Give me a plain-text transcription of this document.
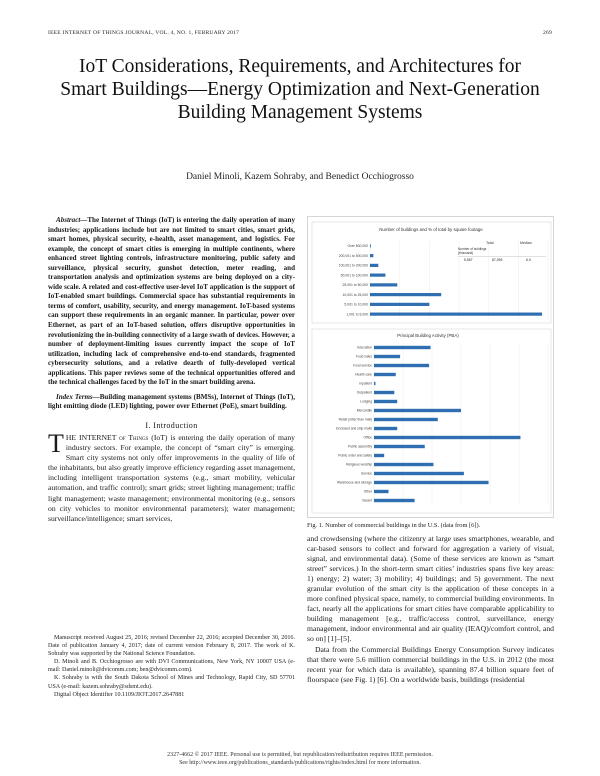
IEEE INTERNET OF THINGS JOURNAL, VOL. 4, NO. 1, FEBRUARY 2017	269
IoT Considerations, Requirements, and Architectures for Smart Buildings—Energy Optimization and Next-Generation Building Management Systems
Daniel Minoli, Kazem Sohraby, and Benedict Occhiogrosso

Abstract—The Internet of Things (IoT) is entering the daily operation of many industries; applications include but are not limited to smart cities, smart grids, smart homes, physical security, e-health, asset management, and logistics. For example, the concept of smart cities is emerging in multiple continents, where enhanced street lighting controls, infrastructure monitoring, public safety and surveillance, physical security, gunshot detection, meter reading, and transportation analysis and optimization systems are being deployed on a city-wide scale. A related and cost-effective user-level IoT application is the support of IoT-enabled smart buildings. Commercial space has substantial requirements in terms of comfort, usability, security, and energy management. IoT-based systems can support these requirements in an organic manner. In particular, power over Ethernet, as part of an IoT-based solution, offers disruptive opportunities in revolutionizing the in-building connectivity of a large swath of devices. However, a number of deployment-limiting issues currently impact the scope of IoT utilization, including lack of comprehensive end-to-end standards, fragmented cybersecurity solutions, and a relative dearth of fully-developed vertical applications. This paper reviews some of the technical opportunities offered and the technical challenges faced by the IoT in the smart building arena.

Index Terms—Building management systems (BMSs), Internet of Things (IoT), light emitting diode (LED) lighting, power over Ethernet (PoE), smart building.

I. Introduction

THE INTERNET of Things (IoT) is entering the daily operation of many industry sectors. For example, the concept of “smart city” is emerging. Smart city systems not only offer improvements in the quality of life of the inhabitants, but also greatly improve efficiency regarding asset management, including intelligent transportation systems (e.g., smart mobility, vehicular automation, and traffic control); smart grids; street lighting management; traffic light management; waste management; environmental monitoring (e.g., sensors on city vehicles to monitor environmental parameters); water management; surveillance/intelligence; smart services,

Manuscript received August 25, 2016; revised December 22, 2016; accepted December 30, 2016. Date of publication January 4, 2017; date of current version February 8, 2017. The work of K. Sohraby was supported by the National Science Foundation.

D. Minoli and B. Occhiogrosso are with DVI Communications, New York, NY 10007 USA (e-mail: Daniel.minoli@dvicomm.com; ben@dvicomm.com).

K. Sohraby is with the South Dakota School of Mines and Technology, Rapid City, SD 57701 USA (e-mail: kazem.sohraby@sdsmt.edu).

Digital Object Identifier 10.1109/JIOT.2017.2647881

Number of buildings and % of total by square footage
1,001 to 5,000
5,001 to 10,000
10,001 to 25,000
25,001 to 50,000
50,001 to 100,000
100,001 to 200,000
200,001 to 500,000
Over 500,000
Total	Median
Number of buildings
(thousand)
5,557	87,093	6.0
Principal Building Activity (PBA)
Education
Food sales
Food service
Health care
Inpatient
Outpatient
Lodging
Mercantile
Retail (other than mall)
Enclosed and strip malls
Office
Public assembly
Public order and safety
Religious worship
Service
Warehouse and storage
Other
Vacant
Fig. 1. Number of commercial buildings in the U.S. (data from [6]).

and crowdsensing (where the citizenry at large uses smartphones, wearable, and car-based sensors to collect and forward for aggregation a variety of visual, signal, and environmental data). (Some of these services are known as “smart street” services.) In the short-term smart cities’ industries spans five key areas: 1) energy; 2) water; 3) mobility; 4) buildings; and 5) government. The next granular evolution of the smart city is the application of these concepts in a more confined physical space, namely, to commercial building environments. In fact, nearly all the applications for smart cities have comparable applicability to building management [e.g., traffic/access control, surveillance, energy management, indoor environmental and air quality (IEAQ)/comfort control, and so on] [1]–[5].

Data from the Commercial Buildings Energy Consumption Survey indicates that there were 5.6 million commercial buildings in the U.S. in 2012 (the most recent year for which data is available), spanning 87.4 billion square feet of floorspace (see Fig. 1) [6]. On a worldwide basis, buildings (residential

2327-4662 © 2017 IEEE. Personal use is permitted, but republication/redistribution requires IEEE permission.
See http://www.ieee.org/publications_standards/publications/rights/index.html for more information.
